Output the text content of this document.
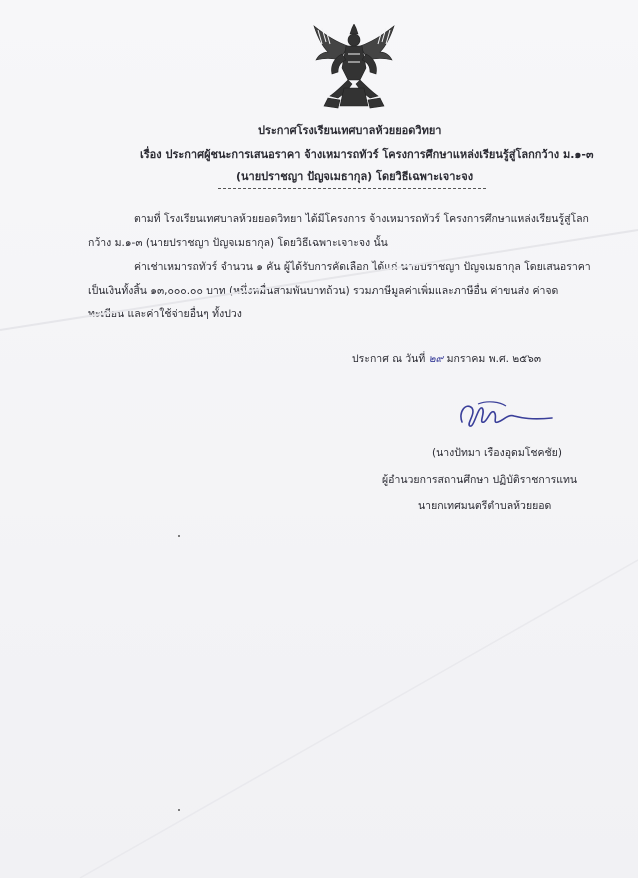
ประกาศโรงเรียนเทศบาลห้วยยอดวิทยา
เรื่อง ประกาศผู้ชนะการเสนอราคา จ้างเหมารถทัวร์ โครงการศึกษาแหล่งเรียนรู้สู่โลกกว้าง ม.๑-๓
(นายปราชญา ปัญจเมธากุล) โดยวิธีเฉพาะเจาะจง
ตามที่ โรงเรียนเทศบาลห้วยยอดวิทยา ได้มีโครงการ จ้างเหมารถทัวร์ โครงการศึกษาแหล่งเรียนรู้สู่โลก
กว้าง ม.๑-๓ (นายปราชญา ปัญจเมธากุล) โดยวิธีเฉพาะเจาะจง นั้น
ค่าเช่าเหมารถทัวร์ จำนวน ๑ คัน ผู้ได้รับการคัดเลือก ได้แก่ นายปราชญา ปัญจเมธากุล โดยเสนอราคา
เป็นเงินทั้งสิ้น ๑๓,๐๐๐.๐๐ บาท (หนึ่งหมื่นสามพันบาทถ้วน) รวมภาษีมูลค่าเพิ่มและภาษีอื่น ค่าขนส่ง ค่าจด
ทะเบียน และค่าใช้จ่ายอื่นๆ ทั้งปวง
ประกาศ ณ วันที่ ๒๙ มกราคม พ.ศ. ๒๕๖๓
(นางปัทมา เรืองอุดมโชคชัย)
ผู้อำนวยการสถานศึกษา ปฏิบัติราชการแทน
นายกเทศมนตรีตำบลห้วยยอด
